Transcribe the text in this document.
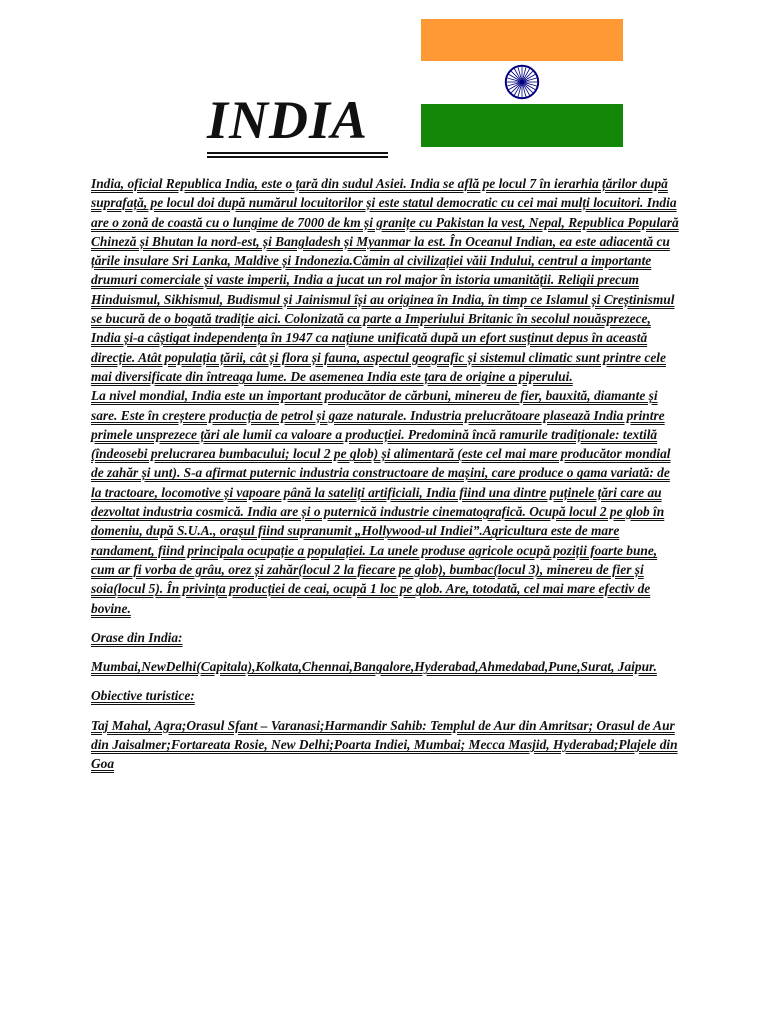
INDIA

India, oficial Republica India, este o țară din sudul Asiei. India se află pe locul 7 în ierarhia țărilor după suprafață, pe locul doi după numărul locuitorilor și este statul democratic cu cei mai mulți locuitori. India are o zonă de coastă cu o lungime de 7000 de km și granițe cu Pakistan la vest, Nepal, Republica Populară Chineză și Bhutan la nord-est, și Bangladesh și Myanmar la est. În Oceanul Indian, ea este adiacentă cu țările insulare Sri Lanka, Maldive și Indonezia.Cămin al civilizației văii Indului, centrul a importante drumuri comerciale și vaste imperii, India a jucat un rol major în istoria umanității. Religii precum Hinduismul, Sikhismul, Budismul și Jainismul își au originea în India, în timp ce Islamul și Creștinismul se bucură de o bogată tradiție aici. Colonizată ca parte a Imperiului Britanic în secolul nouăsprezece, India și-a câștigat independența în 1947 ca națiune unificată după un efort susținut depus în această direcție. Atât populația țării, cât și flora și fauna, aspectul geografic și sistemul climatic sunt printre cele mai diversificate din întreaga lume. De asemenea India este țara de origine a piperului.

La nivel mondial, India este un important producător de cărbuni, minereu de fier, bauxită, diamante și sare. Este în creștere producția de petrol și gaze naturale. Industria prelucrătoare plasează India printre primele unsprezece țări ale lumii ca valoare a producției. Predomină încă ramurile tradiționale: textilă (îndeosebi prelucrarea bumbacului; locul 2 pe glob) și alimentară (este cel mai mare producător mondial de zahăr și unt). S-a afirmat puternic industria constructoare de mașini, care produce o gama variată: de la tractoare, locomotive și vapoare până la sateliți artificiali, India fiind una dintre puținele țări care au dezvoltat industria cosmică. India are și o puternică industrie cinematografică. Ocupă locul 2 pe glob în domeniu, după S.U.A., orașul fiind supranumit „Hollywood-ul Indiei”.Agricultura este de mare randament, fiind principala ocupație a populației. La unele produse agricole ocupă poziții foarte bune, cum ar fi vorba de grâu, orez și zahăr(locul 2 la fiecare pe glob), bumbac(locul 3), minereu de fier și soia(locul 5). În privința producției de ceai, ocupă 1 loc pe glob. Are, totodată, cel mai mare efectiv de bovine.

Orase din India:

Mumbai,NewDelhi(Capitala),Kolkata,Chennai,Bangalore,Hyderabad,Ahmedabad,Pune,Surat, Jaipur.

Obiective turistice:

Taj Mahal, Agra;Orasul Sfant – Varanasi;Harmandir Sahib: Templul de Aur din Amritsar; Orasul de Aur din Jaisalmer;Fortareata Rosie, New Delhi;Poarta Indiei, Mumbai; Mecca Masjid, Hyderabad;Plajele din Goa
